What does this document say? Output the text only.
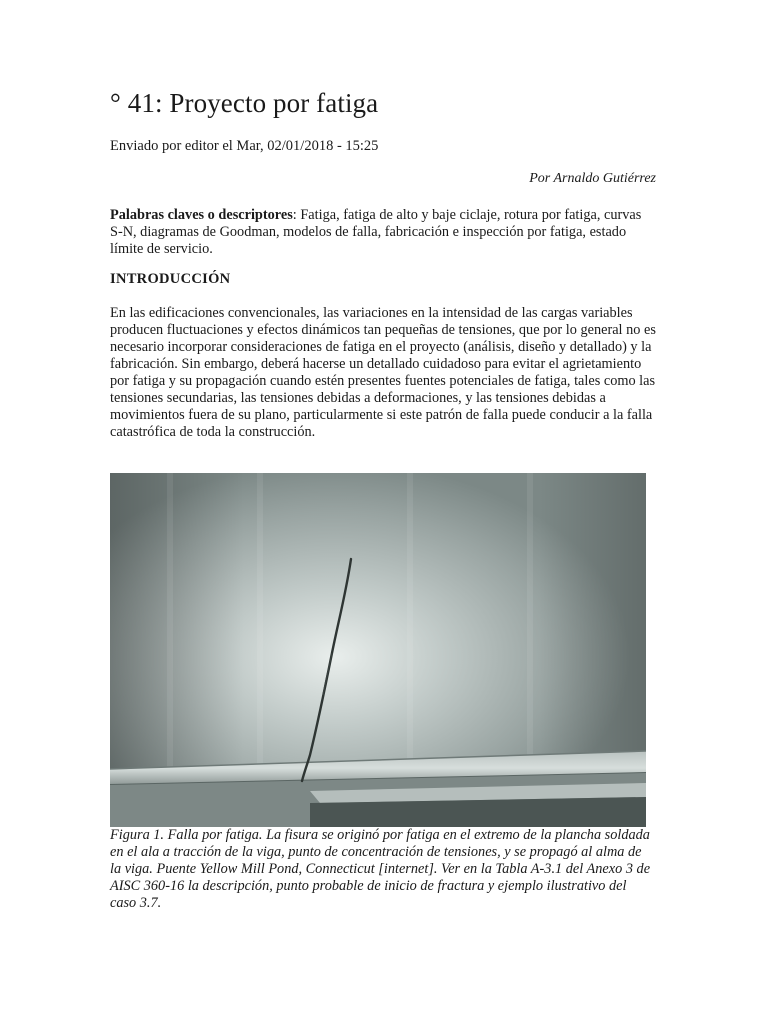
° 41: Proyecto por fatiga
Enviado por editor el Mar, 02/01/2018 - 15:25
Por Arnaldo Gutiérrez

Palabras claves o descriptores: Fatiga, fatiga de alto y baje ciclaje, rotura por fatiga, curvas S-N, diagramas de Goodman, modelos de falla, fabricación e inspección por fatiga, estado límite de servicio.

INTRODUCCIÓN

En las edificaciones convencionales, las variaciones en la intensidad de las cargas variables producen fluctuaciones y efectos dinámicos tan pequeñas de tensiones, que por lo general no es necesario incorporar consideraciones de fatiga en el proyecto (análisis, diseño y detallado) y la fabricación. Sin embargo, deberá hacerse un detallado cuidadoso para evitar el agrietamiento por fatiga y su propagación cuando estén presentes fuentes potenciales de fatiga, tales como las tensiones secundarias, las tensiones debidas a deformaciones, y las tensiones debidas a movimientos fuera de su plano, particularmente si este patrón de falla puede conducir a la falla catastrófica de toda la construcción.

Figura 1. Falla por fatiga. La fisura se originó por fatiga en el extremo de la plancha soldada en el ala a tracción de la viga, punto de concentración de tensiones, y se propagó al alma de la viga. Puente Yellow Mill Pond, Connecticut [internet]. Ver en la Tabla A-3.1 del Anexo 3 de AISC 360-16 la descripción, punto probable de inicio de fractura y ejemplo ilustrativo del caso 3.7.
